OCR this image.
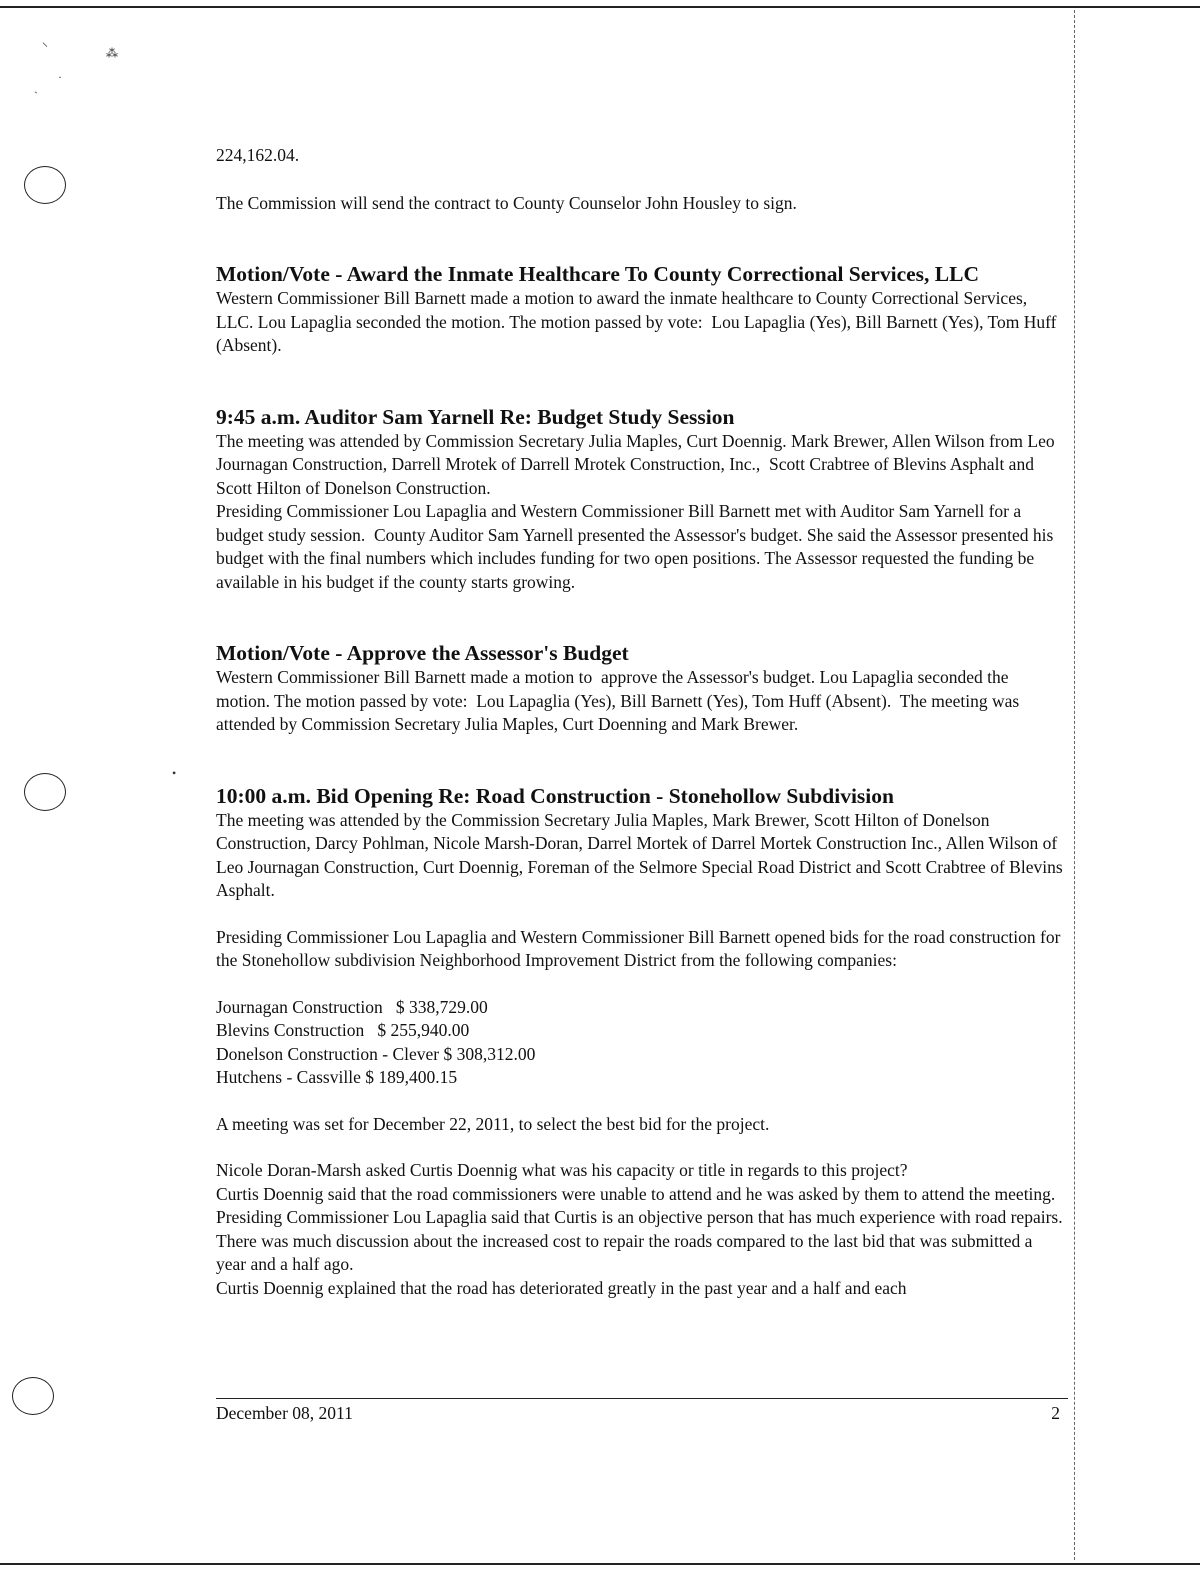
⸌	⁂
·
ˏ
•

224,162.04.

The Commission will send the contract to County Counselor John Housley to sign.

Motion/Vote - Award the Inmate Healthcare To County Correctional Services, LLC

Western Commissioner Bill Barnett made a motion to award the inmate healthcare to County Correctional Services, LLC. Lou Lapaglia seconded the motion. The motion passed by vote:  Lou Lapaglia (Yes), Bill Barnett (Yes), Tom Huff (Absent).

9:45 a.m. Auditor Sam Yarnell Re: Budget Study Session

The meeting was attended by Commission Secretary Julia Maples, Curt Doennig. Mark Brewer, Allen Wilson from Leo Journagan Construction, Darrell Mrotek of Darrell Mrotek Construction, Inc.,  Scott Crabtree of Blevins Asphalt and Scott Hilton of Donelson Construction.

Presiding Commissioner Lou Lapaglia and Western Commissioner Bill Barnett met with Auditor Sam Yarnell for a budget study session.  County Auditor Sam Yarnell presented the Assessor's budget. She said the Assessor presented his budget with the final numbers which includes funding for two open positions. The Assessor requested the funding be available in his budget if the county starts growing.

Motion/Vote - Approve the Assessor's Budget

Western Commissioner Bill Barnett made a motion to  approve the Assessor's budget. Lou Lapaglia seconded the motion. The motion passed by vote:  Lou Lapaglia (Yes), Bill Barnett (Yes), Tom Huff (Absent).  The meeting was attended by Commission Secretary Julia Maples, Curt Doenning and Mark Brewer.

10:00 a.m. Bid Opening Re: Road Construction - Stonehollow Subdivision

The meeting was attended by the Commission Secretary Julia Maples, Mark Brewer, Scott Hilton of Donelson Construction, Darcy Pohlman, Nicole Marsh-Doran, Darrel Mortek of Darrel Mortek Construction Inc., Allen Wilson of Leo Journagan Construction, Curt Doennig, Foreman of the Selmore Special Road District and Scott Crabtree of Blevins Asphalt.

Presiding Commissioner Lou Lapaglia and Western Commissioner Bill Barnett opened bids for the road construction for the Stonehollow subdivision Neighborhood Improvement District from the following companies:

Journagan Construction   $ 338,729.00

Blevins Construction   $ 255,940.00

Donelson Construction - Clever $ 308,312.00

Hutchens - Cassville $ 189,400.15

A meeting was set for December 22, 2011, to select the best bid for the project.

Nicole Doran-Marsh asked Curtis Doennig what was his capacity or title in regards to this project?

Curtis Doennig said that the road commissioners were unable to attend and he was asked by them to attend the meeting.

Presiding Commissioner Lou Lapaglia said that Curtis is an objective person that has much experience with road repairs.

There was much discussion about the increased cost to repair the roads compared to the last bid that was submitted a year and a half ago.

Curtis Doennig explained that the road has deteriorated greatly in the past year and a half and each

December 08, 2011	2
